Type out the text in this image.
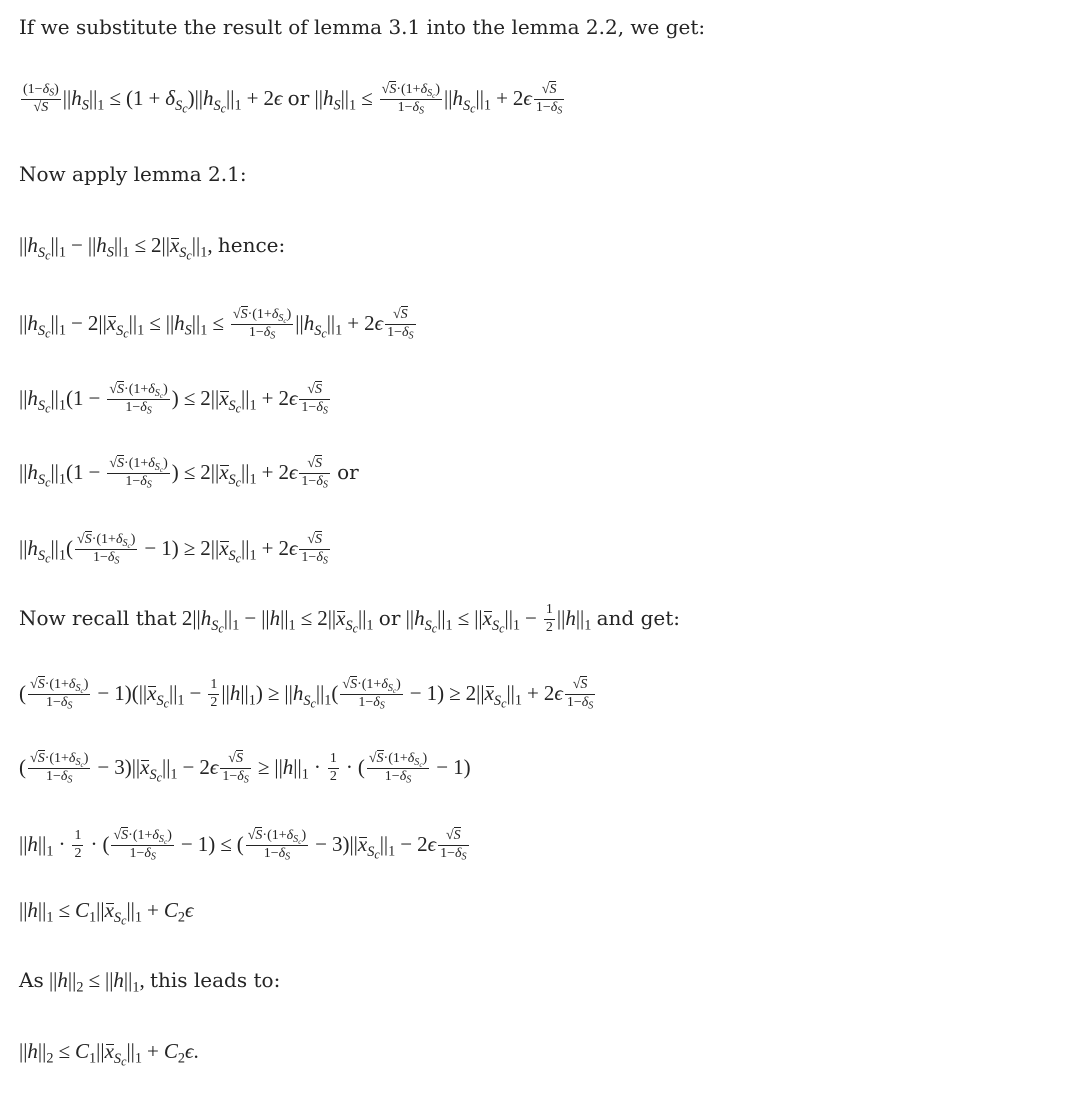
If we substitute the result of lemma 3.1 into the lemma 2.2, we get:
$\frac{(1-\delta_S)}{√S} ||h_S||_1 \le (1 + \delta_{S_c})||h_{S_c}||_1 + 2\epsilon$ or $||h_S||_1 \le \frac{√S\cdot(1+\delta_{S_c})}{1-\delta_S} ||h_{S_c}||_1 + 2\epsilon \frac{√S}{1-\delta_S}$
Now apply lemma 2.1:
$||h_{S_c}||_1 - ||h_S||_1 \le 2||x_{S_c}||_1$, hence:
$||h_{S_c}||_1 - 2||x_{S_c}||_1 \le ||h_S||_1 \le \frac{√S\cdot(1+\delta_{S_c})}{1-\delta_S} ||h_{S_c}||_1 + 2\epsilon \frac{√S}{1-\delta_S}$
$||h_{S_c}||_1(1 - \frac{√S\cdot(1+\delta_{S_c})}{1-\delta_S}$ ) ≤ $2||x_{S_c}||_1 + 2\epsilon \frac{√S}{1-\delta_S}$
$||h_{S_c}||_1(1 - \frac{√S\cdot(1+\delta_{S_c})}{1-\delta_S}$ ) ≤ $2||x_{S_c}||_1 + 2\epsilon \frac{√S}{1-\delta_S}$ or
$||h_{S_c}||_1( \frac{√S\cdot(1+\delta_{S_c})}{1-\delta_S} - 1) \ge 2||x_{S_c}||_1 + 2\epsilon \frac{√S}{1-\delta_S}$
Now recall that $2||h_{S_c}||_1 - ||h||_1 \le 2||x_{S_c}||_1$ or $||h_{S_c}||_1 \le ||x_{S_c}||_1 - \frac{1}{2} ||h||_1$ and get:
( $\frac{√S\cdot(1+\delta_{S_c})}{1-\delta_S} - 1)(||x_{S_c}||_1 - \frac{1}{2} ||h||_1) \ge ||h_{S_c}||_1( \frac{√S\cdot(1+\delta_{S_c})}{1-\delta_S} - 1) \ge 2||x_{S_c}||_1 + 2\epsilon \frac{√S}{1-\delta_S}$
( $\frac{√S\cdot(1+\delta_{S_c})}{1-\delta_S} - 3)||x_{S_c}||_1 - 2\epsilon \frac{√S}{1-\delta_S} \ge ||h||_1 \cdot \frac{1}{2}$ · ( $\frac{√S\cdot(1+\delta_{S_c})}{1-\delta_S} - 1$)
$||h||_1 \cdot \frac{1}{2}$ · ( $\frac{√S\cdot(1+\delta_{S_c})}{1-\delta_S} - 1$) ≤ ( $\frac{√S\cdot(1+\delta_{S_c})}{1-\delta_S} - 3)||x_{S_c}||_1 - 2\epsilon \frac{√S}{1-\delta_S}$
$||h||_1 \le C_1||x_{S_c}||_1 + C_2\epsilon$
As $||h||_2 \le ||h||_1$, this leads to:
$||h||_2 \le C_1||x_{S_c}||_1 + C_2\epsilon$.
